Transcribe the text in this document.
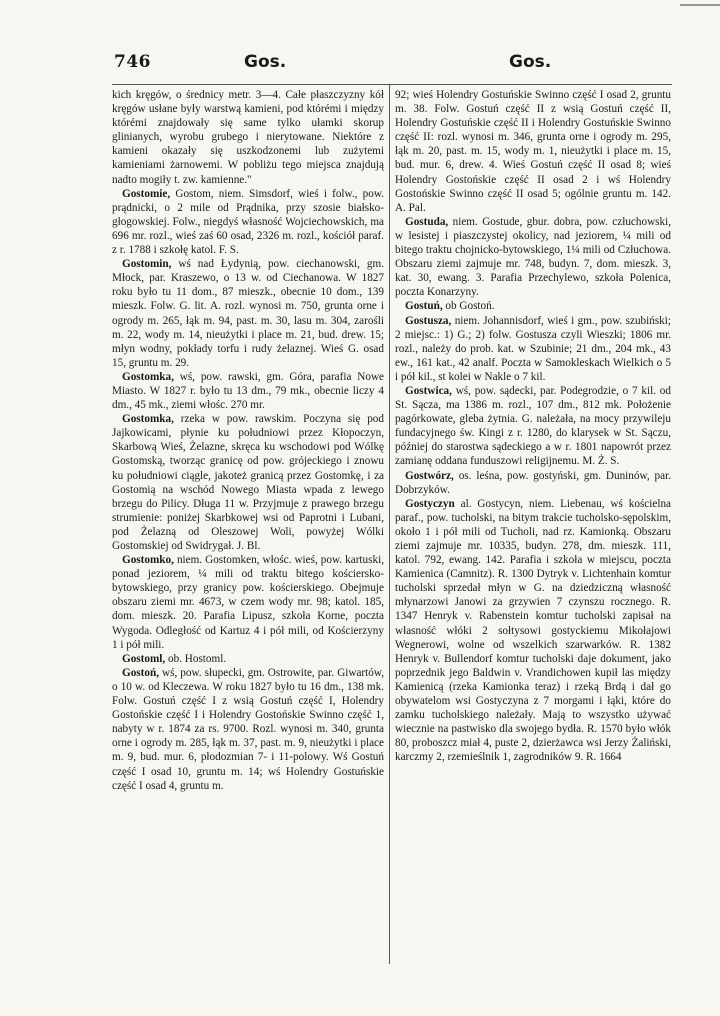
746	Gos.	Gos.

kich kręgów, o średnicy metr. 3—4. Całe płaszczyzny kół kręgów usłane były warstwą kamieni, pod którémi i między którémi znajdowały się same tylko ułamki skorup glinianych, wyrobu grubego i nierytowane. Niektóre z kamieni okazały się uszkodzonemi lub zużytemi kamieniami żarnowemi. W pobliżu tego miejsca znajdują nadto mogiły t. zw. kamienne."

Gostomie, Gostom, niem. Simsdorf, wieś i folw., pow. prądnicki, o 2 mile od Prądnika, przy szosie białsko-głogowskiej. Folw., niegdyś własność Wojciechowskich, ma 696 mr. rozl., wieś zaś 60 osad, 2326 m. rozl., kościół paraf. z r. 1788 i szkołę katol. F. S.

Gostomin, wś nad Łydynią, pow. ciechanowski, gm. Młock, par. Kraszewo, o 13 w. od Ciechanowa. W 1827 roku było tu 11 dom., 87 mieszk., obecnie 10 dom., 139 mieszk. Folw. G. lit. A. rozl. wynosi m. 750, grunta orne i ogrody m. 265, łąk m. 94, past. m. 30, lasu m. 304, zarośli m. 22, wody m. 14, nieużytki i place m. 21, bud. drew. 15; młyn wodny, pokłady torfu i rudy żelaznej. Wieś G. osad 15, gruntu m. 29.

Gostomka, wś, pow. rawski, gm. Góra, parafia Nowe Miasto. W 1827 r. było tu 13 dm., 79 mk., obecnie liczy 4 dm., 45 mk., ziemi włośc. 270 mr.

Gostomka, rzeka w pow. rawskim. Poczyna się pod Jajkowicami, płynie ku południowi przez Kłopoczyn, Skarbową Wieś, Żelazne, skręca ku wschodowi pod Wólkę Gostomską, tworząc granicę od pow. grójeckiego i znowu ku południowi ciągle, jakoteż granicą przez Gostomkę, i za Gostomią na wschód Nowego Miasta wpada z lewego brzegu do Pilicy. Długa 11 w. Przyjmuje z prawego brzegu strumienie: poniżej Skarbkowej wsi od Paprotni i Lubani, pod Żelazną od Oleszowej Woli, powyżej Wólki Gostomskiej od Swidrygał. J. Bl.

Gostomko, niem. Gostomken, włośc. wieś, pow. kartuski, ponad jeziorem, ¼ mili od traktu bitego kościersko-bytowskiego, przy granicy pow. kościerskiego. Obejmuje obszaru ziemi mr. 4673, w czem wody mr. 98; katol. 185, dom. mieszk. 20. Parafia Lipusz, szkoła Korne, poczta Wygoda. Odległość od Kartuz 4 i pół mili, od Kościerzyny 1 i pół mili.

Gostoml, ob. Hostoml.

Gostoń, wś, pow. słupecki, gm. Ostrowite, par. Giwartów, o 10 w. od Kleczewa. W roku 1827 było tu 16 dm., 138 mk. Folw. Gostuń część I z wsią Gostuń część I, Holendry Gostońskie część I i Holendry Gostońskie Swinno część 1, nabyty w r. 1874 za rs. 9700. Rozl. wynosi m. 340, grunta orne i ogrody m. 285, łąk m. 37, past. m. 9, nieużytki i place m. 9, bud. mur. 6, płodozmian 7- i 11-polowy. Wś Gostuń część I osad 10, gruntu m. 14; wś Holendry Gostuńskie część I osad 4, gruntu m.

92; wieś Holendry Gostuńskie Swinno część I osad 2, gruntu m. 38. Folw. Gostuń część II z wsią Gostuń część II, Holendry Gostuńskie część II i Holendry Gostuńskie Swinno część II: rozl. wynosi m. 346, grunta orne i ogrody m. 295, łąk m. 20, past. m. 15, wody m. 1, nieużytki i place m. 15, bud. mur. 6, drew. 4. Wieś Gostuń część II osad 8; wieś Holendry Gostońskie część II osad 2 i wś Holendry Gostońskie Swinno część II osad 5; ogólnie gruntu m. 142. A. Pal.

Gostuda, niem. Gostude, gbur. dobra, pow. człuchowski, w lesistej i piaszczystej okolicy, nad jeziorem, ¼ mili od bitego traktu chojnicko-bytowskiego, 1¼ mili od Człuchowa. Obszaru ziemi zajmuje mr. 748, budyn. 7, dom. mieszk. 3, kat. 30, ewang. 3. Parafia Przechylewo, szkoła Polenica, poczta Konarzyny.

Gostuń, ob Gostoń.

Gostusza, niem. Johannisdorf, wieś i gm., pow. szubiński; 2 miejsc.: 1) G.; 2) folw. Gostusza czyli Wieszki; 1806 mr. rozl., należy do prob. kat. w Szubinie; 21 dm., 204 mk., 43 ew., 161 kat., 42 analf. Poczta w Samokleskach Wielkich o 5 i pół kil., st kolei w Nakle o 7 kil.

Gostwica, wś, pow. sądecki, par. Podegrodzie, o 7 kil. od St. Sącza, ma 1386 m. rozl., 107 dm., 812 mk. Położenie pagórkowate, gleba żytnia. G. należała, na mocy przywileju fundacyjnego św. Kingi z r. 1280, do klarysek w St. Sączu, później do starostwa sądeckiego a w r. 1801 napowrót przez zamianę oddana funduszowi religijnemu. M. Ż. S.

Gostwórz, os. leśna, pow. gostyński, gm. Duninów, par. Dobrzyków.

Gostyczyn al. Gostycyn, niem. Liebenau, wś kościelna paraf., pow. tucholski, na bitym trakcie tucholsko-sępolskim, około 1 i pół mili od Tucholi, nad rz. Kamionką. Obszaru ziemi zajmuje mr. 10335, budyn. 278, dm. mieszk. 111, katol. 792, ewang. 142. Parafia i szkoła w miejscu, poczta Kamienica (Camnitz). R. 1300 Dytryk v. Lichtenhain komtur tucholski sprzedał młyn w G. na dziedziczną własność młynarzowi Janowi za grzywien 7 czynszu rocznego. R. 1347 Henryk v. Rabenstein komtur tucholski zapisał na własność włóki 2 sołtysowi gostyckiemu Mikołajowi Wegnerowi, wolne od wszelkich szarwarków. R. 1382 Henryk v. Bullendorf komtur tucholski daje dokument, jako poprzednik jego Baldwin v. Vrandichowen kupił las między Kamienicą (rzeka Kamionka teraz) i rzeką Brdą i dał go obywatelom wsi Gostyczyna z 7 morgami i łąki, które do zamku tucholskiego należały. Mają to wszystko używać wiecznie na pastwisko dla swojego bydła. R. 1570 było włók 80, proboszcz miał 4, puste 2, dzierżawca wsi Jerzy Żaliński, karczmy 2, rzemieślnik 1, zagrodników 9. R. 1664
